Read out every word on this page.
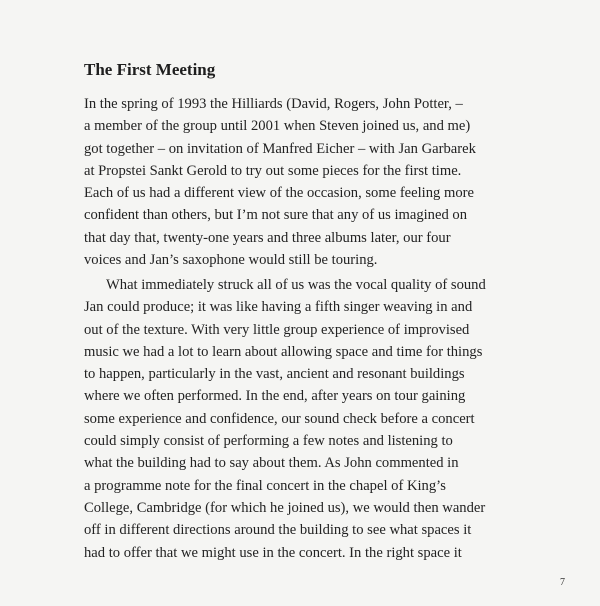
The First Meeting

In the spring of 1993 the Hilliards (David, Rogers, John Potter, –
a member of the group until 2001 when Steven joined us, and me)
got together – on invitation of Manfred Eicher – with Jan Garbarek
at Propstei Sankt Gerold to try out some pieces for the first time.
Each of us had a different view of the occasion, some feeling more
confident than others, but I’m not sure that any of us imagined on
that day that, twenty-one years and three albums later, our four
voices and Jan’s saxophone would still be touring.

What immediately struck all of us was the vocal quality of sound
Jan could produce; it was like having a fifth singer weaving in and
out of the texture. With very little group experience of improvised
music we had a lot to learn about allowing space and time for things
to happen, particularly in the vast, ancient and resonant buildings
where we often performed. In the end, after years on tour gaining
some experience and confidence, our sound check before a concert
could simply consist of performing a few notes and listening to
what the building had to say about them. As John commented in
a programme note for the final concert in the chapel of King’s
College, Cambridge (for which he joined us), we would then wander
off in different directions around the building to see what spaces it
had to offer that we might use in the concert. In the right space it

7
